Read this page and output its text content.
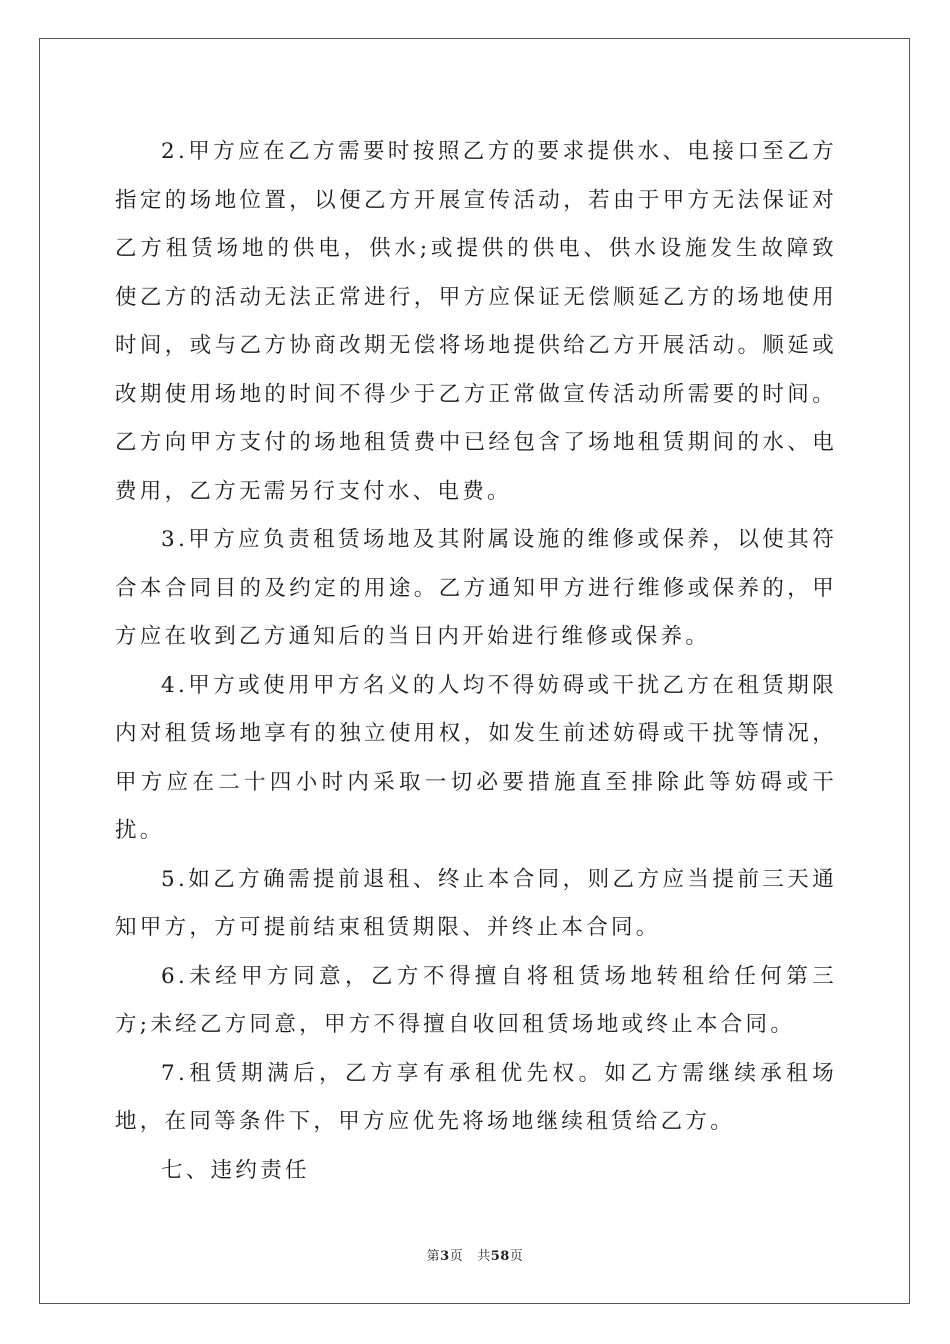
2.甲方应在乙方需要时按照乙方的要求提供水、电接口至乙方指定的场地位置，以便乙方开展宣传活动，若由于甲方无法保证对乙方租赁场地的供电，供水;或提供的供电、供水设施发生故障致使乙方的活动无法正常进行，甲方应保证无偿顺延乙方的场地使用时间，或与乙方协商改期无偿将场地提供给乙方开展活动。顺延或改期使用场地的时间不得少于乙方正常做宣传活动所需要的时间。乙方向甲方支付的场地租赁费中已经包含了场地租赁期间的水、电费用，乙方无需另行支付水、电费。

3.甲方应负责租赁场地及其附属设施的维修或保养，以使其符合本合同目的及约定的用途。乙方通知甲方进行维修或保养的，甲方应在收到乙方通知后的当日内开始进行维修或保养。

4.甲方或使用甲方名义的人均不得妨碍或干扰乙方在租赁期限内对租赁场地享有的独立使用权，如发生前述妨碍或干扰等情况，甲方应在二十四小时内采取一切必要措施直至排除此等妨碍或干扰。

5.如乙方确需提前退租、终止本合同，则乙方应当提前三天通知甲方，方可提前结束租赁期限、并终止本合同。

6.未经甲方同意，乙方不得擅自将租赁场地转租给任何第三方;未经乙方同意，甲方不得擅自收回租赁场地或终止本合同。

7.租赁期满后，乙方享有承租优先权。如乙方需继续承租场地，在同等条件下，甲方应优先将场地继续租赁给乙方。

七、违约责任

第3页 共58页
